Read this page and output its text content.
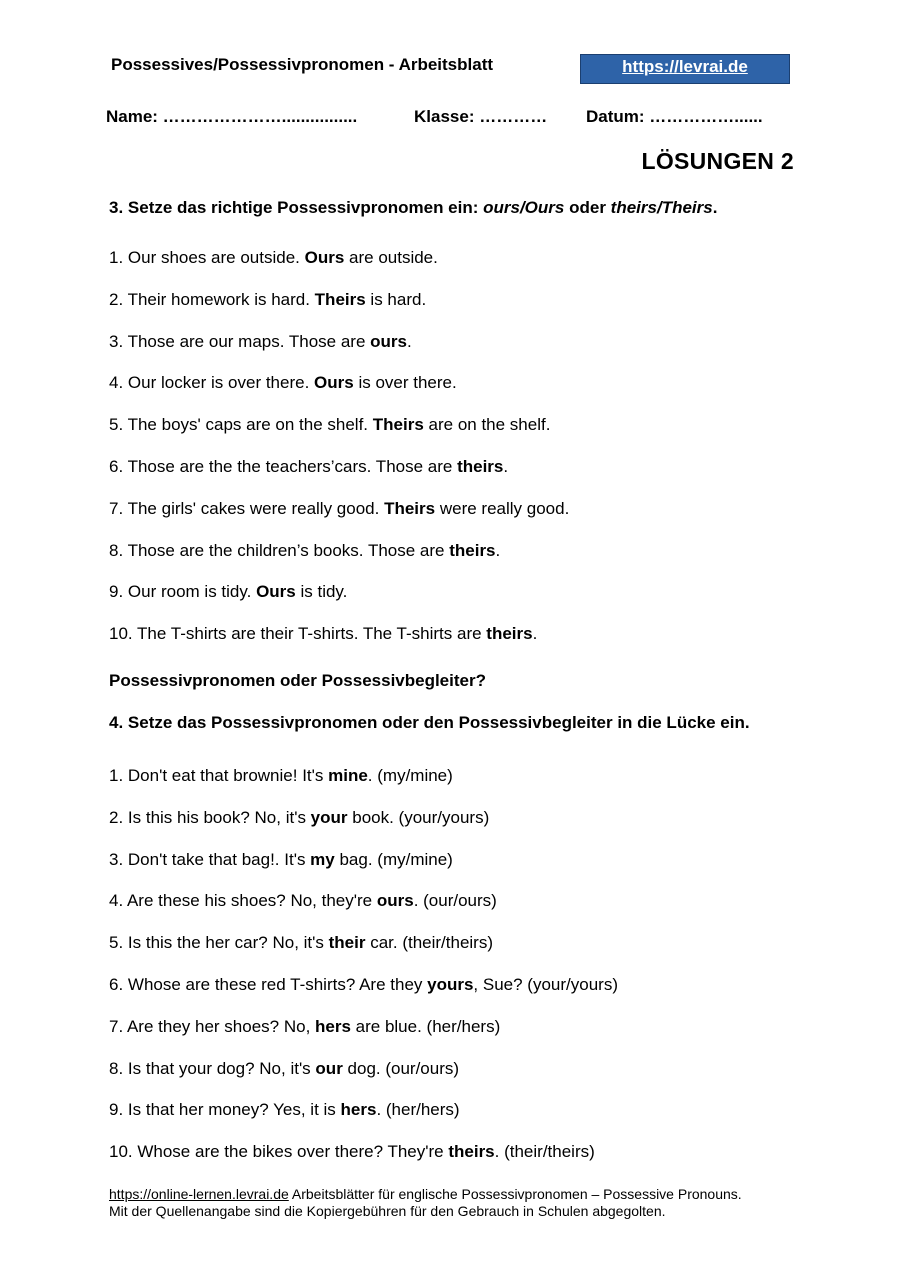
Possessives/Possessivpronomen - Arbeitsblatt	https://levrai.de
Name: …………………................	Klasse: ………… Datum: ……………......
LÖSUNGEN 2
3. Setze das richtige Possessivpronomen ein: ours/Ours oder theirs/Theirs.
1. Our shoes are outside. Ours are outside.
2. Their homework is hard. Theirs is hard.
3. Those are our maps. Those are ours.
4. Our locker is over there. Ours is over there.
5. The boys' caps are on the shelf. Theirs are on the shelf.
6. Those are the the teachers’cars. Those are theirs.
7. The girls' cakes were really good. Theirs were really good.
8. Those are the children’s books. Those are theirs.
9. Our room is tidy. Ours is tidy.
10. The T-shirts are their T-shirts. The T-shirts are theirs.
Possessivpronomen oder Possessivbegleiter?
4. Setze das Possessivpronomen oder den Possessivbegleiter in die Lücke ein.
1. Don't eat that brownie! It's mine. (my/mine)
2. Is this his book? No, it's your book. (your/yours)
3. Don't take that bag!. It's my bag. (my/mine)
4. Are these his shoes? No, they're ours. (our/ours)
5. Is this the her car? No, it's their car. (their/theirs)
6. Whose are these red T-shirts? Are they yours, Sue? (your/yours)
7. Are they her shoes? No, hers are blue. (her/hers)
8. Is that your dog? No, it's our dog. (our/ours)
9. Is that her money? Yes, it is hers. (her/hers)
10. Whose are the bikes over there? They're theirs. (their/theirs)
https://online-lernen.levrai.de Arbeitsblätter für englische Possessivpronomen – Possessive Pronouns.
Mit der Quellenangabe sind die Kopiergebühren für den Gebrauch in Schulen abgegolten.
